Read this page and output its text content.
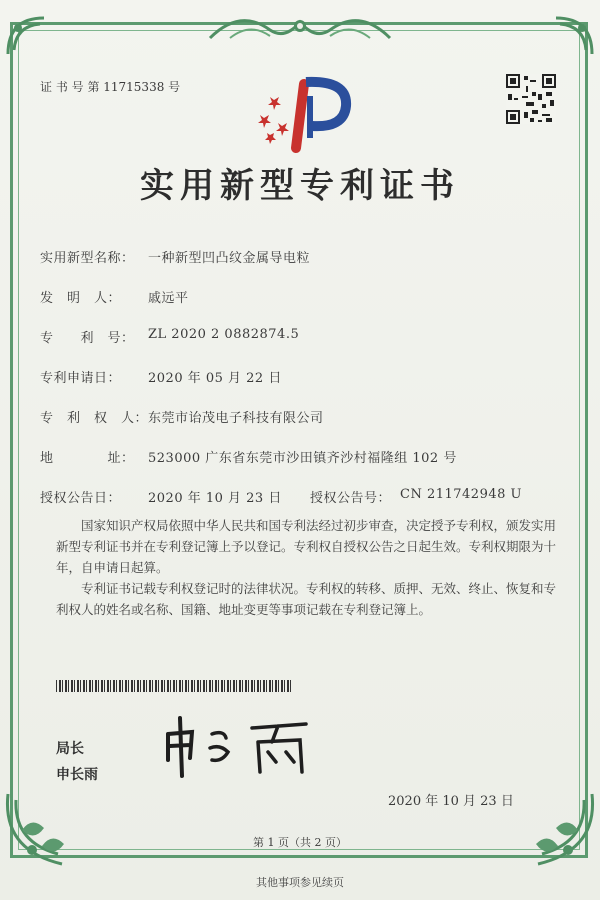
证 书 号 第 11715338 号
实用新型专利证书
实用新型名称： 一种新型凹凸纹金属导电粒
发　明　人： 戚远平
专　　利　号： ZL 2020 2 0882874.5
专利申请日： 2020 年 05 月 22 日
专　利　权　人： 东莞市诒茂电子科技有限公司
地　　　　址： 523000 广东省东莞市沙田镇齐沙村福隆组 102 号
授权公告日： 2020 年 10 月 23 日 授权公告号： CN 211742948 U
国家知识产权局依照中华人民共和国专利法经过初步审查，决定授予专利权，颁发实用新型专利证书并在专利登记簿上予以登记。专利权自授权公告之日起生效。专利权期限为十年，自申请日起算。
专利证书记载专利权登记时的法律状况。专利权的转移、质押、无效、终止、恢复和专利权人的姓名或名称、国籍、地址变更等事项记载在专利登记簿上。
局长
申长雨
2020 年 10 月 23 日
第 1 页（共 2 页）
其他事项参见续页
